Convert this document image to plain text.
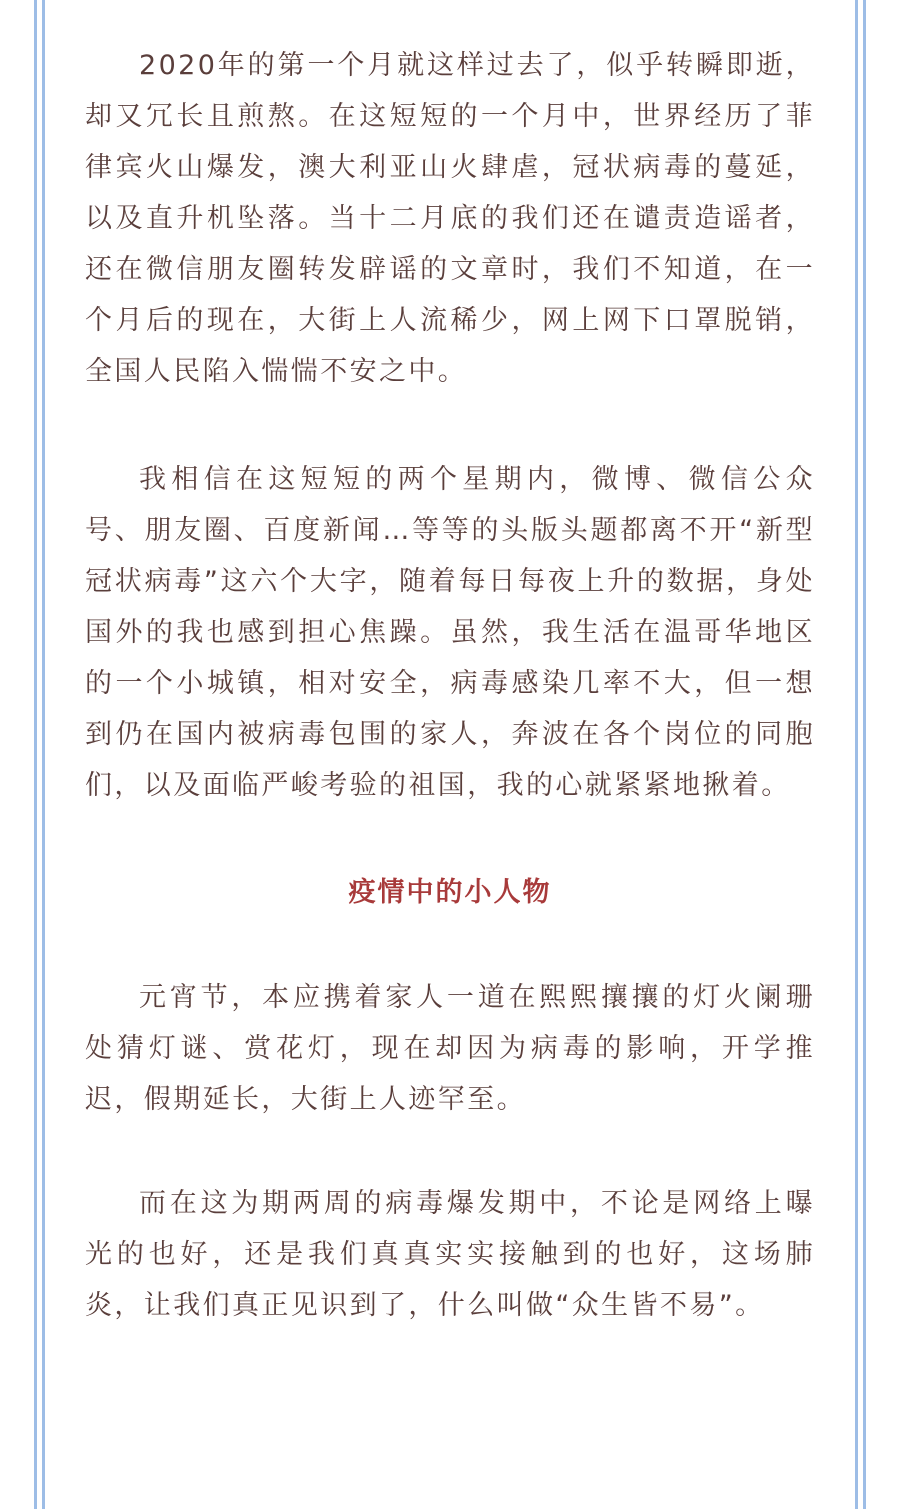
2020年的第一个月就这样过去了，似乎转瞬即逝，却又冗长且煎熬。在这短短的一个月中，世界经历了菲律宾火山爆发，澳大利亚山火肆虐，冠状病毒的蔓延，以及直升机坠落。当十二月底的我们还在谴责造谣者，还在微信朋友圈转发辟谣的文章时，我们不知道，在一个月后的现在，大街上人流稀少，网上网下口罩脱销，全国人民陷入惴惴不安之中。

我相信在这短短的两个星期内，微博、微信公众号、朋友圈、百度新闻…等等的头版头题都离不开“新型冠状病毒”这六个大字，随着每日每夜上升的数据，身处国外的我也感到担心焦躁。虽然，我生活在温哥华地区的一个小城镇，相对安全，病毒感染几率不大，但一想到仍在国内被病毒包围的家人，奔波在各个岗位的同胞们，以及面临严峻考验的祖国，我的心就紧紧地揪着。

疫情中的小人物

元宵节，本应携着家人一道在熙熙攘攘的灯火阑珊处猜灯谜、赏花灯，现在却因为病毒的影响，开学推迟，假期延长，大街上人迹罕至。

而在这为期两周的病毒爆发期中，不论是网络上曝光的也好，还是我们真真实实接触到的也好，这场肺炎，让我们真正见识到了，什么叫做“众生皆不易”。
